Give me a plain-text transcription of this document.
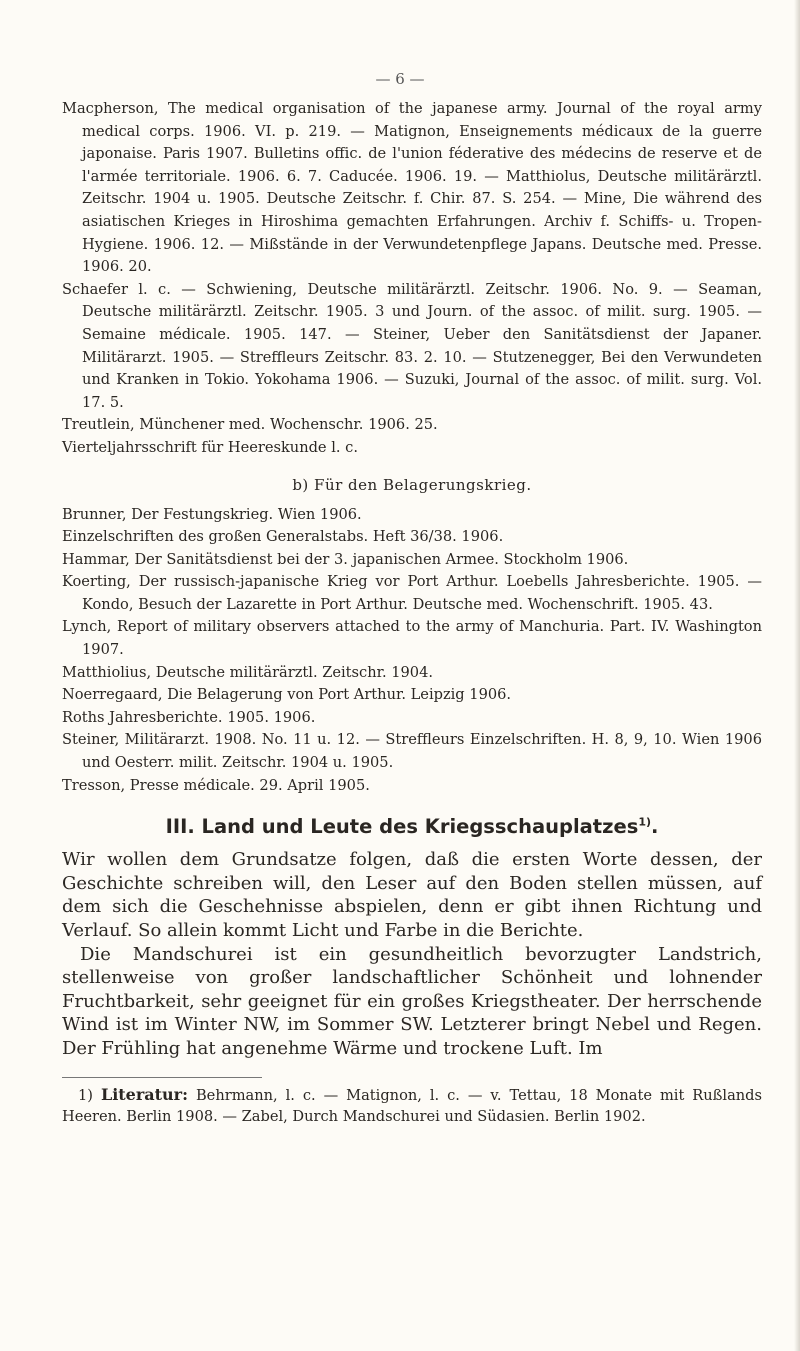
— 6 —

Macpherson, The medical organisation of the japanese army. Journal of the royal army medical corps. 1906. VI. p. 219. — Matignon, Enseignements médicaux de la guerre japonaise. Paris 1907. Bulletins offic. de l'union féderative des médecins de reserve et de l'armée territoriale. 1906. 6. 7. Caducée. 1906. 19. — Matthiolus, Deutsche militärärztl. Zeitschr. 1904 u. 1905. Deutsche Zeitschr. f. Chir. 87. S. 254. — Mine, Die während des asiatischen Krieges in Hiroshima gemachten Erfahrungen. Archiv f. Schiffs- u. Tropen-Hygiene. 1906. 12. — Mißstände in der Verwundetenpflege Japans. Deutsche med. Presse. 1906. 20.

Schaefer l. c. — Schwiening, Deutsche militärärztl. Zeitschr. 1906. No. 9. — Seaman, Deutsche militärärztl. Zeitschr. 1905. 3 und Journ. of the assoc. of milit. surg. 1905. — Semaine médicale. 1905. 147. — Steiner, Ueber den Sanitätsdienst der Japaner. Militärarzt. 1905. — Streffleurs Zeitschr. 83. 2. 10. — Stutzenegger, Bei den Verwundeten und Kranken in Tokio. Yokohama 1906. — Suzuki, Journal of the assoc. of milit. surg. Vol. 17. 5.

Treutlein, Münchener med. Wochenschr. 1906. 25.

Vierteljahrsschrift für Heereskunde l. c.

b) Für den Belagerungskrieg.

Brunner, Der Festungskrieg. Wien 1906.

Einzelschriften des großen Generalstabs. Heft 36/38. 1906.

Hammar, Der Sanitätsdienst bei der 3. japanischen Armee. Stockholm 1906.

Koerting, Der russisch-japanische Krieg vor Port Arthur. Loebells Jahresberichte. 1905. — Kondo, Besuch der Lazarette in Port Arthur. Deutsche med. Wochenschrift. 1905. 43.

Lynch, Report of military observers attached to the army of Manchuria. Part. IV. Washington 1907.

Matthiolius, Deutsche militärärztl. Zeitschr. 1904.

Noerregaard, Die Belagerung von Port Arthur. Leipzig 1906.

Roths Jahresberichte. 1905. 1906.

Steiner, Militärarzt. 1908. No. 11 u. 12. — Streffleurs Einzelschriften. H. 8, 9, 10. Wien 1906 und Oesterr. milit. Zeitschr. 1904 u. 1905.

Tresson, Presse médicale. 29. April 1905.

III. Land und Leute des Kriegsschauplatzes$^{1)}$.

Wir wollen dem Grundsatze folgen, daß die ersten Worte dessen, der Geschichte schreiben will, den Leser auf den Boden stellen müssen, auf dem sich die Geschehnisse abspielen, denn er gibt ihnen Richtung und Verlauf. So allein kommt Licht und Farbe in die Berichte.

Die Mandschurei ist ein gesundheitlich bevorzugter Landstrich, stellenweise von großer landschaftlicher Schönheit und lohnender Fruchtbarkeit, sehr geeignet für ein großes Kriegstheater. Der herrschende Wind ist im Winter NW, im Sommer SW. Letzterer bringt Nebel und Regen. Der Frühling hat angenehme Wärme und trockene Luft. Im

1) Literatur: Behrmann, l. c. — Matignon, l. c. — v. Tettau, 18 Monate mit Rußlands Heeren. Berlin 1908. — Zabel, Durch Mandschurei und Südasien. Berlin 1902.
